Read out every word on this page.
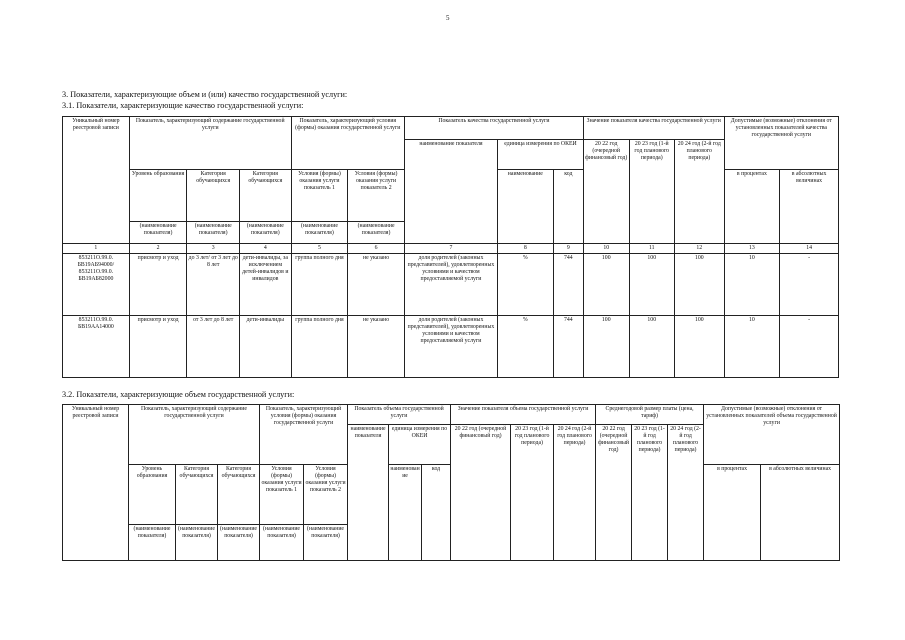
5
3. Показатели, характеризующие объем и (или) качество государственной услуги:
3.1. Показатели, характеризующие качество государственной услуги:
Уникальный номер реестровой записи	Показатель, характеризующий содержание государственной услуги			Показатель, характеризующий условия (формы) оказания государственной услуги		Показатель качества государственной услуги			Значение показателя качества государственной услуги			Допустимые (возможные) отклонения от установленных показателей качества государственной услуги	
						наименование показателя	единица измерения по ОКЕИ		20 22 год (очередной финансовый год)	20 23 год (1-й год планового периода)	20 24 год (2-й год планового периода)		
	Уровень образования	Категория обучающихся	Категория обучающихся	Условия (формы) оказания услуги показатель 1	Условия (формы) оказания услуги показатель 2		наименование	код				в процентах	в абсолютных величинах
	(наименование показателя)	(наименование показателя)	(наименование показателя)	(наименование показателя)	(наименование показателя)								
1	2	3	4	5	6	7	8	9	10	11	12	13	14
853211О.99.0. БВ19АБ94000/ 853211О.99.0. БВ19АБ82000	присмотр и уход	до 3 лет/ от 3 лет до 8 лет	дети-инвалиды, за исключением детей-инвалидов и инвалидов	группа полного дня	не указано	доля родителей (законных представителей), удовлетворенных условиями и качеством предоставляемой услуги	%	744	100	100	100	10	-
853211О.99.0. БВ19АА14000	присмотр и уход	от 3 лет до 8 лет	дети-инвалиды	группа полного дня	не указано	доля родителей (законных представителей), удовлетворенных условиями и качеством предоставляемой услуги	%	744	100	100	100	10	-
3.2. Показатели, характеризующие объем государственной услуги:
Уникальный номер реестровой записи	Показатель, характеризующий содержание государственной услуги			Показатель, характеризующий условия (формы) оказания государственной услуги		Показатель объема государственной услуги			Значение показателя объема государственной услуги			Среднегодовой размер платы (цена, тариф)			Допустимые (возможные) отклонения от установленных показателей объема государственной услуги	
						наименование показателя	единица измерения по ОКЕИ		20 22 год (очередной финансовый год)	20 23 год (1-й год планового периода)	20 24 год (2-й год планового периода)	20 22 год (очередной финансовый год)	20 23 год (1-й год планового периода)	20 24 год (2-й год планового периода)		
	Уровень образования	Категория обучающихся	Категория обучающихся	Условия (формы) оказания услуги показатель 1	Условия (формы) оказания услуги показатель 2		наименование	код							в процентах	в абсолютных величинах
	(наименование показателя)	(наименование показателя)	(наименование показателя)	(наименование показателя)	(наименование показателя)											
